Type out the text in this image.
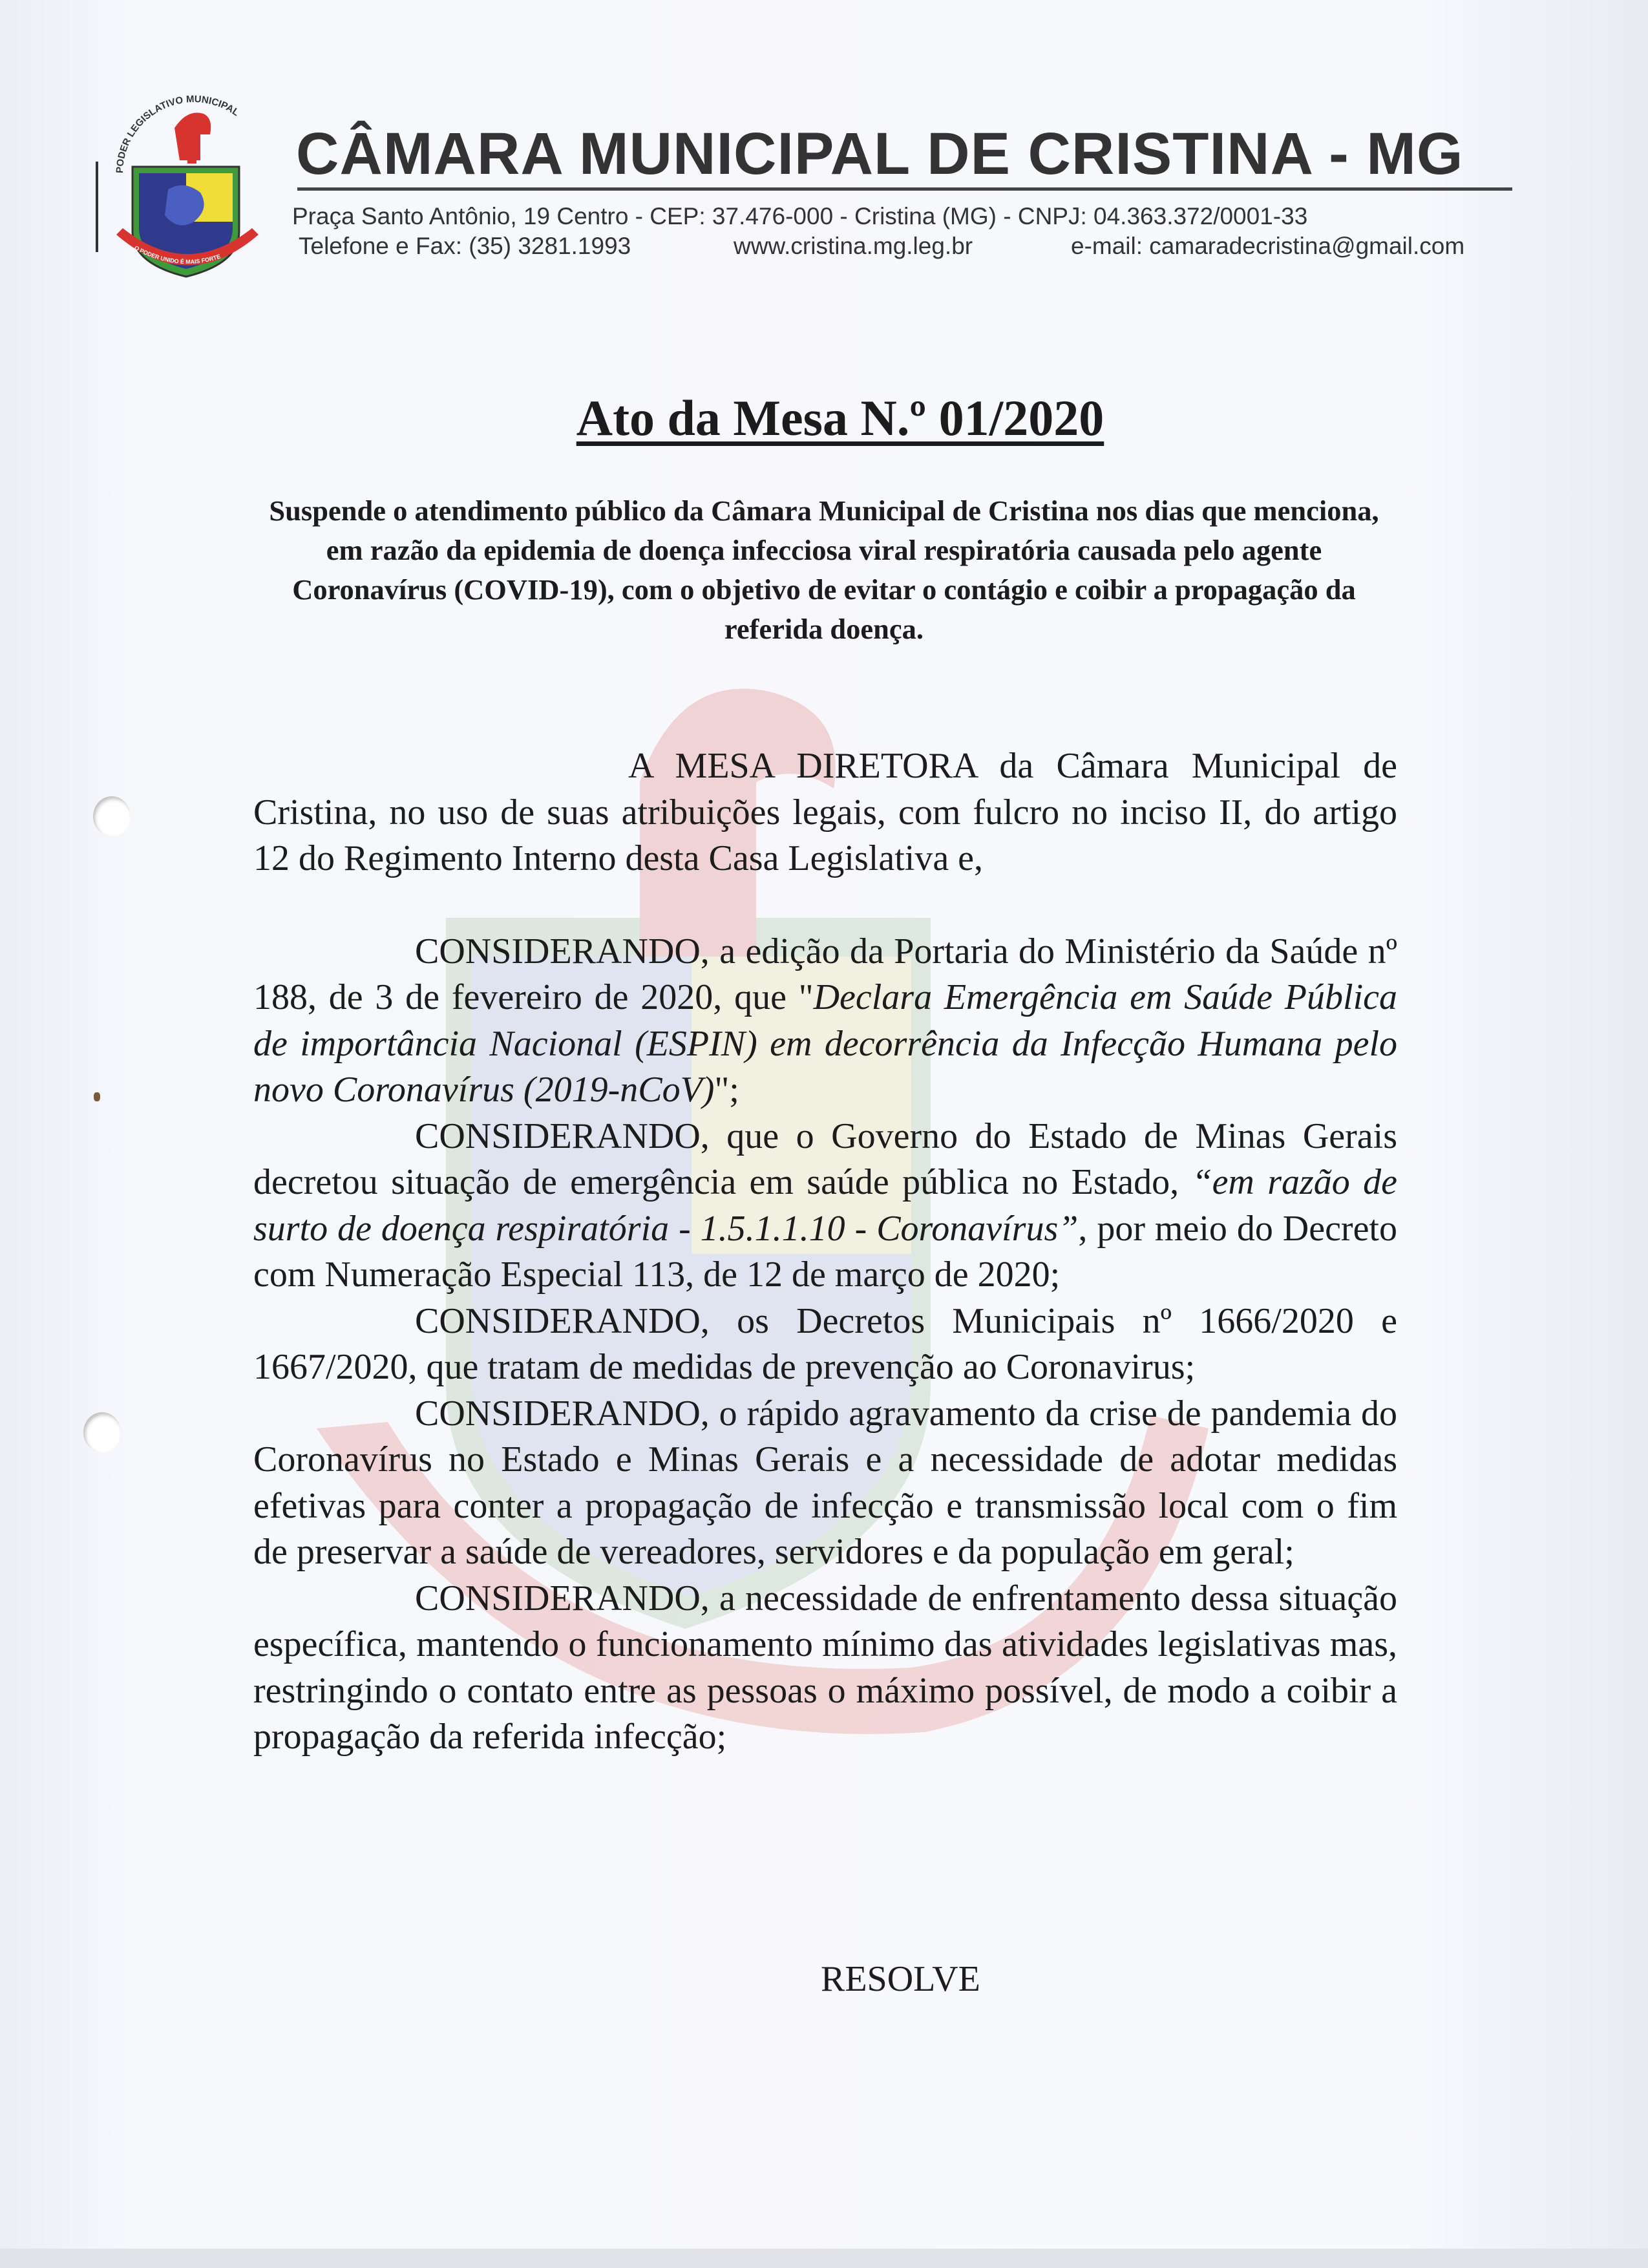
PODER LEGISLATIVO MUNICIPAL
O PODER UNIDO É MAIS FORTE
CÂMARA MUNICIPAL DE CRISTINA - MG
Praça Santo Antônio, 19 Centro - CEP: 37.476-000 - Cristina (MG) - CNPJ: 04.363.372/0001-33
Telefone e Fax: (35) 3281.1993	www.cristina.mg.leg.br	e-mail: camaradecristina@gmail.com
Ato da Mesa N.º 01/2020
Suspende o atendimento público da Câmara Municipal de Cristina nos dias que menciona, em razão da epidemia de doença infecciosa viral respiratória causada pelo agente Coronavírus (COVID-19), com o objetivo de evitar o contágio e coibir a propagação da referida doença.

A MESA DIRETORA da Câmara Municipal de Cristina, no uso de suas atribuições legais, com fulcro no inciso II, do artigo 12 do Regimento Interno desta Casa Legislativa e,

CONSIDERANDO, a edição da Portaria do Ministério da Saúde nº 188, de 3 de fevereiro de 2020, que "Declara Emergência em Saúde Pública de importância Nacional (ESPIN) em decorrência da Infecção Humana pelo novo Coronavírus (2019-nCoV)";

CONSIDERANDO, que o Governo do Estado de Minas Gerais decretou situação de emergência em saúde pública no Estado, “em razão de surto de doença respiratória - 1.5.1.1.10 - Coronavírus”, por meio do Decreto com Numeração Especial 113, de 12 de março de 2020;

CONSIDERANDO, os Decretos Municipais nº 1666/2020 e 1667/2020, que tratam de medidas de prevenção ao Coronavirus;

CONSIDERANDO, o rápido agravamento da crise de pandemia do Coronavírus no Estado e Minas Gerais e a necessidade de adotar medidas efetivas para conter a propagação de infecção e transmissão local com o fim de preservar a saúde de vereadores, servidores e da população em geral;

CONSIDERANDO, a necessidade de enfrentamento dessa situação específica, mantendo o funcionamento mínimo das atividades legislativas mas, restringindo o contato entre as pessoas o máximo possível, de modo a coibir a propagação da referida infecção;

RESOLVE
